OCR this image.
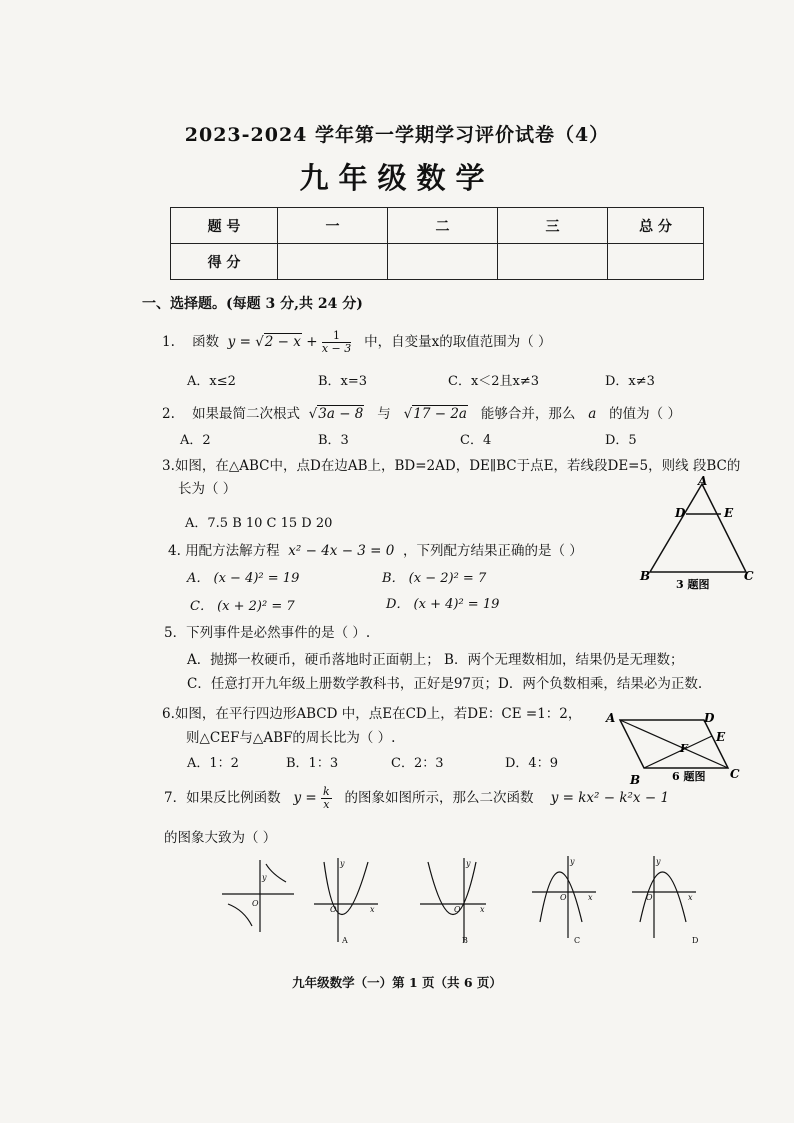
2023-2024 学年第一学期学习评价试卷（4）
九年级数学
题 号	一	二	三	总 分
得 分				
一、选择题。(每题 3 分,共 24 分)
1. 函数 $y = √2 - x + \frac{1}{x - 3}$ 中，自变量x的取值范围为（ ）
A．x≤2	B．x=3	C．x＜2且x≠3	D．x≠3
2. 如果最简二次根式 √3a − 8 与 √17 − 2a 能够合并，那么 a 的值为（ ）
A．2	B．3	C．4	D．5
3.如图，在△ABC中，点D在边AB上，BD=2AD，DE∥BC于点E，若线段DE=5，则线 段BC的
长为（ ）
A．7.5 B 10 C 15 D 20
A
D	E
B	C
3 题图
4. 用配方法解方程 x² − 4x − 3 = 0 ，下列配方结果正确的是（ ）
A． (x − 4)² = 19	B． (x − 2)² = 7
C． (x + 2)² = 7	D． (x + 4)² = 19
5．下列事件是必然事件的是（ ）.
A．抛掷一枚硬币，硬币落地时正面朝上； B．两个无理数相加，结果仍是无理数；
C．任意打开九年级上册数学教科书，正好是97页；D．两个负数相乘，结果必为正数.
6.如图，在平行四边形ABCD 中，点E在CD上，若DE：CE =1：2，
则△CEF与△ABF的周长比为（ ）.
A．1：2	B．1：3	C．2：3	D．4：9
A	D
E
F
B	C
6 题图
7．如果反比例函数 $y = \frac{k}{x}$ 的图象如图所示，那么二次函数 y = kx² − k²x − 1
的图象大致为（ ）
y
O
y
O	x
y
O x
y
O	x
y
O	x
A	B	C	D
九年级数学（一）第 1 页（共 6 页）
